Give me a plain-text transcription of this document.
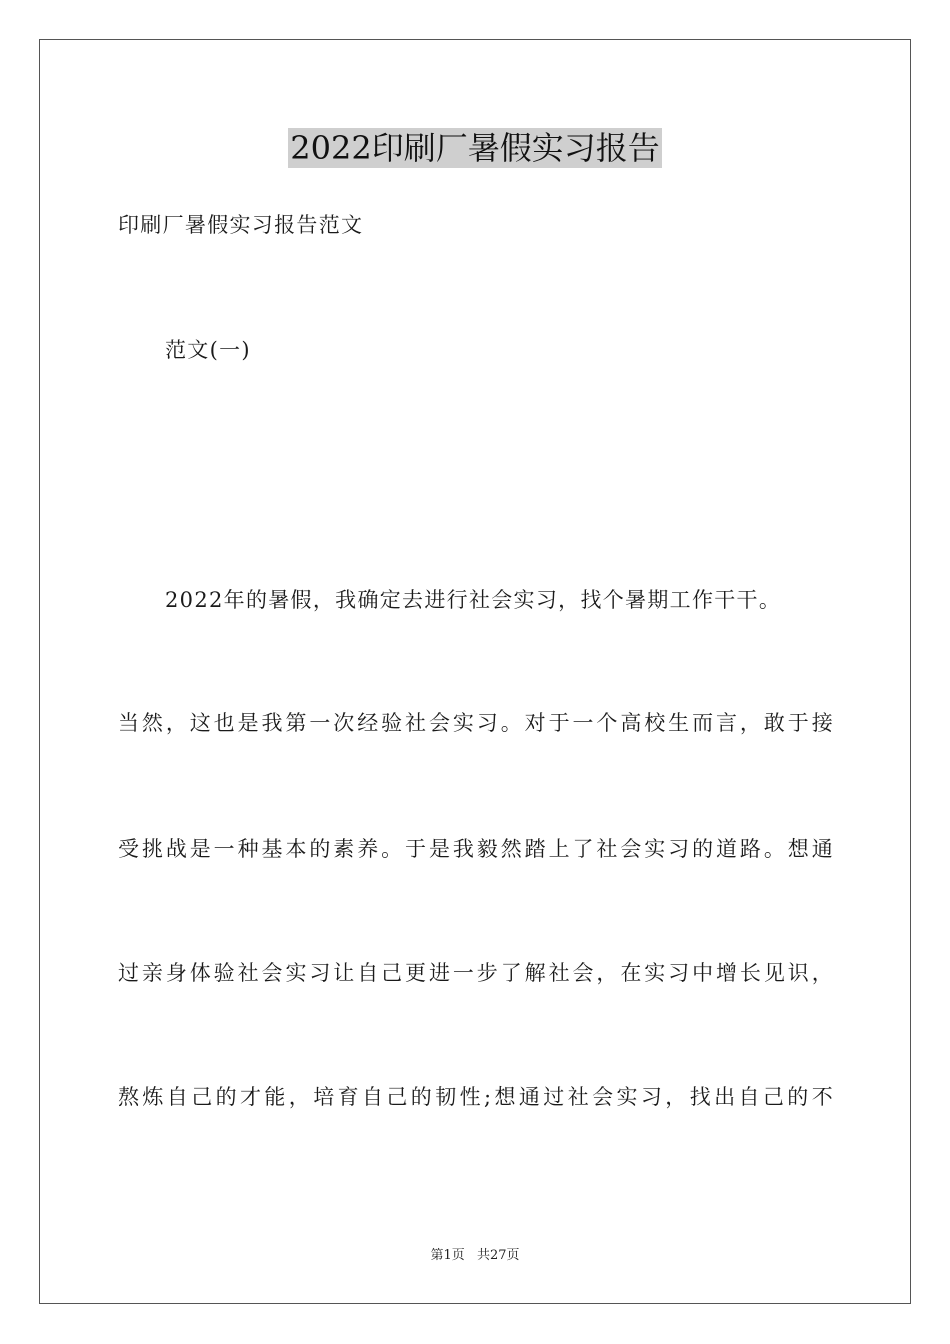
2022印刷厂暑假实习报告

印刷厂暑假实习报告范文

范文(一)

2022年的暑假，我确定去进行社会实习，找个暑期工作干干。

当然，这也是我第一次经验社会实习。对于一个高校生而言，敢于接

受挑战是一种基本的素养。于是我毅然踏上了社会实习的道路。想通

过亲身体验社会实习让自己更进一步了解社会，在实习中增长见识，

熬炼自己的才能，培育自己的韧性;想通过社会实习，找出自己的不

第1页 共27页
